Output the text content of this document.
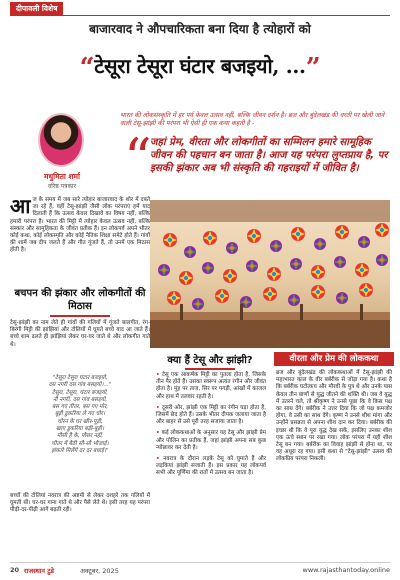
दीपावली विशेष
बाजारवाद ने औपचारिकता बना दिया है त्योहारों को
“टेसूरा टेसूरा घंटार बजइयो, ...”
मधुमिता शर्मा
वरिष्ठ पत्रकार
भारत की लोकसंस्कृति में हर पर्व केवल उत्सव नहीं, बल्कि जीवन दर्शन है। ब्रज और बुंदेलखंड की धरती पर खेली जाने वाली टेसू-झांझी की परंपरा भी ऐसी ही एक कथा कहती है -
“
जहां प्रेम, वीरता और लोकगीतों का सम्मिलन हमारे सामूहिक जीवन की पहचान बन जाता है। आज यह परंपरा लुप्तप्राय है, पर इसकी झंकार अब भी संस्कृति की गहराइयों में जीवित है।
आज के समय में जब सारे त्योहार बाजारवाद के शोर में दबते जा रहे हैं, वहीं टेसू-झांझी जैसी लोक परंपराएं हमें याद दिलाती हैं कि उत्सव केवल दिखावे का विषय नहीं, बल्कि हमारी परंपरा है। भारत की मिट्टी में त्योहार केवल उत्सव नहीं, बल्कि संस्कार और सामूहिकता के जीवंत प्रतीक हैं। इन लोकपर्व अपने भीतर कोई कथा, कोई लोकस्मृति और कोई नैतिक शिक्षा समेटे होते हैं। गांवों की शामें जब दीप जलते हैं और गीत गूंजते हैं, तो उनमें एक मिठास होती है।
बचपन की झंकार और लोकगीतों की मिठास
टेसू-झांझी का नाम लेते ही गांवों की गलियों में गूंजते बालगीत, रंग-बिरंगी मिट्टी की झांझियां और टोलियों में घूमते बच्चे याद आ जाते हैं। बच्चे शाम ढलते ही झांझियां लेकर घर-घर जाते थे और लोकगीत गाते थे।
"टेसूरा टेसूरा घंटार बजइयो,
दस नगरी दस गांव बसइयो।..."
टेसूरा, टेसूरा, घंटार बजइयो,
नौ नगरी, दस गांव बसइयो,
बस गए तीतर, बस गए मोर,
बूढ़ी डुकरिया ले गए चोर।
चोरन के घर खीर-पूड़ी,
खाए डुकरिया बड़ी-बूढ़ी।
मौसी है के, पौसर नहीं,
चौतर में बैठी सौ-सौ भौजाई।
झंकारे मिलेंगे दर दर बधाई।"
बच्चों की टोलियां नवरात्र की अष्टमी से लेकर दशहरे तक गलियों में घूमती थीं। घर-घर गाना गाते थे और पैसे लेते थे। इसी तरह यह परंपरा पीढ़ी-दर-पीढ़ी आगे बढ़ती रही।
क्या हैं टेसू और झांझी?
• टेसू एक आकर्षक मिट्टी का पुतला होता है, जिसके तीन पैर होते हैं। उसका स्वरूप अत्यंत रंगीन और जीवंत होता है। मुंह पर ताज, सिर पर पगड़ी, आंखों में काजल और हाथ में तलवार रहती है।
• दूसरी ओर, झांझी एक मिट्टी का रंगीन घड़ा होता है, जिसमें छेद होते हैं। उसके भीतर दीपक जलाया जाता है और बाहर से उसे पूरी तरह सजाया जाता है।
• कई लोककथाओं के अनुसार यह टेसू और झांझी प्रेम और पोलिन का प्रतीक हैं, जहां झांझी अपना सब कुछ न्योछावर कर देती है।
• नवरात्र के दौरान लड़के टेसू को घुमाते हैं और लड़कियां झांझी सजाती हैं। इस प्रकार यह लोकपर्व सभी और पूर्णिमा की रातों में उत्सव बन जाता है।
वीरता और प्रेम की लोककथा
ब्रज और बुंदेलखंड की लोककथाओं में टेसू-झांझी की महाभारत काल के वीर बर्बरीक से जोड़ा गया है। कथा है कि बर्बरीक घटोत्कच और मौरवी के पुत्र थे और उनके पास केवल तीन बाणों से युद्ध जीतने की शक्ति थी। जब वे युद्ध में उतरने चले, तो श्रीकृष्ण ने उनसे पूछा कि वे किस पक्ष का साथ देंगे। बर्बरीक ने उत्तर दिया कि जो पक्ष कमजोर होगा, वे उसी का साथ देंगे। कृष्ण ने उनसे शीश मांगा और उन्होंने प्रसन्नता से अपना शीश दान कर दिया। बर्बरीक की इच्छा थी कि वे पूरा युद्ध देख सकें, इसलिए उनका शीश एक ऊंचे स्थान पर रखा गया। लोक परंपरा में यही शीश टेसू बन गया। बर्बरीक का विवाह झांझी से होना था, पर वह अधूरा रह गया। इसी कथा से "टेसू-झांझी" उत्सव की लोकप्रिय परंपरा निकली।
20 राजस्थान टुडे	अक्टूबर, 2025	www.rajasthantoday.online
